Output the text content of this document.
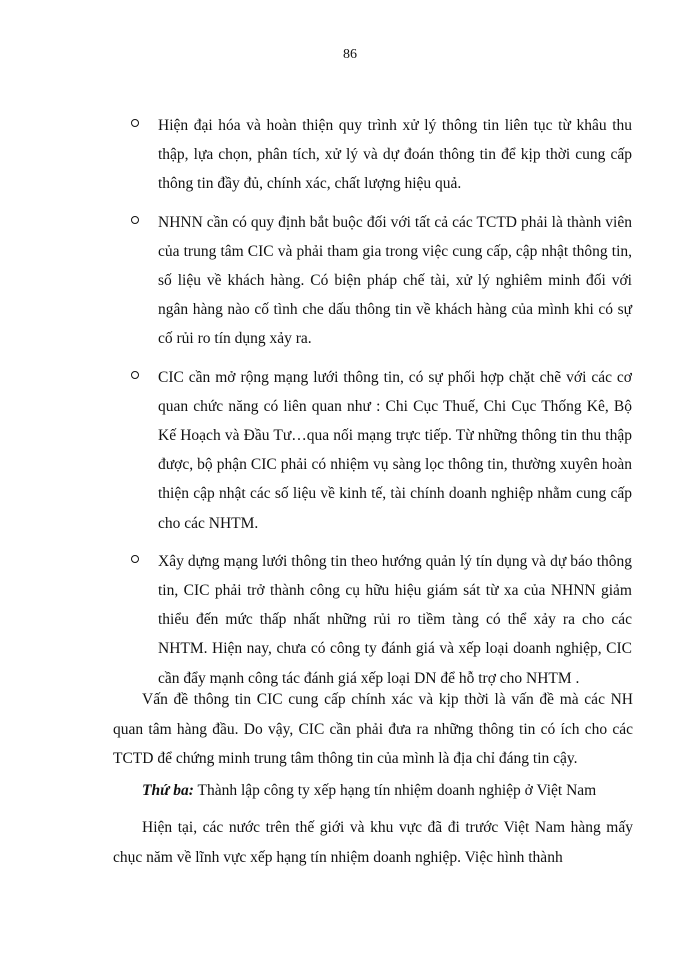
86
Hiện đại hóa và hoàn thiện quy trình xử lý thông tin liên tục từ khâu thu thập, lựa chọn, phân tích, xử lý và dự đoán thông tin để kịp thời cung cấp thông tin đầy đủ, chính xác, chất lượng hiệu quả.
NHNN cần có quy định bắt buộc đối với tất cả các TCTD phải là thành viên của trung tâm CIC và phải tham gia trong việc cung cấp, cập nhật thông tin, số liệu về khách hàng. Có biện pháp chế tài, xử lý nghiêm minh đối với ngân hàng nào cố tình che dấu thông tin về khách hàng của mình khi có sự cố rủi ro tín dụng xảy ra.
CIC cần mở rộng mạng lưới thông tin, có sự phối hợp chặt chẽ với các cơ quan chức năng có liên quan như : Chi Cục Thuế, Chi Cục Thống Kê, Bộ Kế Hoạch và Đầu Tư…qua nối mạng trực tiếp. Từ những thông tin thu thập được, bộ phận CIC phải có nhiệm vụ sàng lọc thông tin, thường xuyên hoàn thiện cập nhật các số liệu về kinh tế, tài chính doanh nghiệp nhằm cung cấp cho các NHTM.
Xây dựng mạng lưới thông tin theo hướng quản lý tín dụng và dự báo thông tin, CIC phải trở thành công cụ hữu hiệu giám sát từ xa của NHNN giảm thiểu đến mức thấp nhất những rủi ro tiềm tàng có thể xảy ra cho các NHTM. Hiện nay, chưa có công ty đánh giá và xếp loại doanh nghiệp, CIC cần đẩy mạnh công tác đánh giá xếp loại DN để hỗ trợ cho NHTM .

Vấn đề thông tin CIC cung cấp chính xác và kịp thời là vấn đề mà các NH quan tâm hàng đầu. Do vậy, CIC cần phải đưa ra những thông tin có ích cho các TCTD để chứng minh trung tâm thông tin của mình là địa chỉ đáng tin cậy.

Thứ ba: Thành lập công ty xếp hạng tín nhiệm doanh nghiệp ở Việt Nam

Hiện tại, các nước trên thế giới và khu vực đã đi trước Việt Nam hàng mấy chục năm về lĩnh vực xếp hạng tín nhiệm doanh nghiệp. Việc hình thành
